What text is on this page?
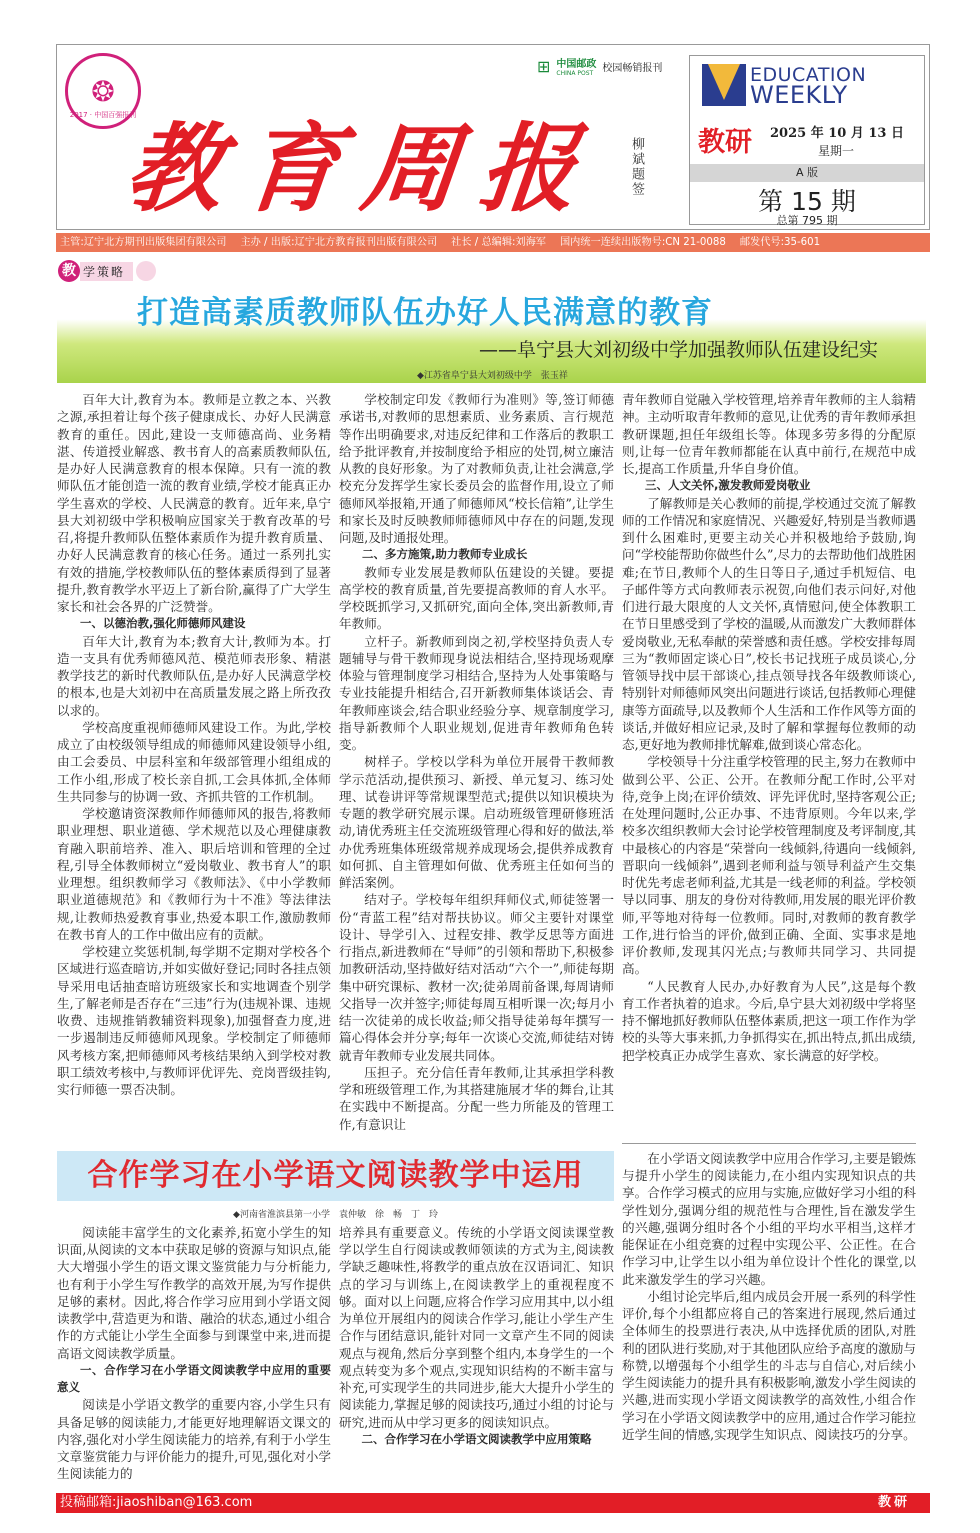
❂
2017 · 中国百强报刊
教育周报 柳斌题签
⊞ 中国邮政
CHINA POST 校园畅销报刊	EDUCATION
WEEKLY
教研 2025 年 10 月 13 日
星期一
A 版
第 15 期
总第 795 期
主管:辽宁北方期刊出版集团有限公司 主办 / 出版:辽宁北方教育报刊出版有限公司 社长 / 总编辑:刘海军 国内统一连续出版物号:CN 21-0088 邮发代号:35-601
教 学策略
打造高素质教师队伍办好人民满意的教育
——阜宁县大刘初级中学加强教师队伍建设纪实
◆江苏省阜宁县大刘初级中学　张玉祥

百年大计,教育为本。教师是立教之本、兴教之源,承担着让每个孩子健康成长、办好人民满意教育的重任。因此,建设一支师德高尚、业务精湛、传道授业解惑、教书育人的高素质教师队伍,是办好人民满意教育的根本保障。只有一流的教师队伍才能创造一流的教育业绩,学校才能真正办学生喜欢的学校、人民满意的教育。近年来,阜宁县大刘初级中学积极响应国家关于教育改革的号召,将提升教师队伍整体素质作为提升教育质量、办好人民满意教育的核心任务。通过一系列扎实有效的措施,学校教师队伍的整体素质得到了显著提升,教育教学水平迈上了新台阶,赢得了广大学生家长和社会各界的广泛赞誉。

一、以德治教,强化师德师风建设

百年大计,教育为本;教育大计,教师为本。打造一支具有优秀师德风范、模范师表形象、精湛教学技艺的新时代教师队伍,是办好人民满意学校的根本,也是大刘初中在高质量发展之路上所孜孜以求的。

学校高度重视师德师风建设工作。为此,学校成立了由校级领导组成的师德师风建设领导小组,由工会委员、中层科室和年级部管理小组组成的工作小组,形成了校长亲自抓,工会具体抓,全体师生共同参与的协调一致、齐抓共管的工作机制。

学校邀请资深教师作师德师风的报告,将教师职业理想、职业道德、学术规范以及心理健康教育融入职前培养、准入、职后培训和管理的全过程,引导全体教师树立“爱岗敬业、教书育人”的职业理想。组织教师学习《教师法》、《中小学教师职业道德规范》和《教师行为十不准》等法律法规,让教师热爱教育事业,热爱本职工作,激励教师在教书育人的工作中做出应有的贡献。

学校建立奖惩机制,每学期不定期对学校各个区域进行巡查暗访,并如实做好登记;同时各挂点领导采用电话抽查暗访班级家长和实地调查个别学生,了解老师是否存在“三违”行为(违规补课、违规收费、违规推销教辅资料现象),加强督查力度,进一步遏制违反师德师风现象。学校制定了师德师风考核方案,把师德师风考核结果纳入到学校对教职工绩效考核中,与教师评优评先、竞岗晋级挂钩,实行师德一票否决制。

学校制定印发《教师行为准则》等,签订师德承诺书,对教师的思想素质、业务素质、言行规范等作出明确要求,对违反纪律和工作落后的教职工给予批评教育,并按制度给予相应的处罚,树立廉洁从教的良好形象。为了对教师负责,让社会满意,学校充分发挥学生家长委员会的监督作用,设立了师德师风举报箱,开通了师德师风“校长信箱”,让学生和家长及时反映教师师德师风中存在的问题,发现问题,及时通报处理。

二、多方施策,助力教师专业成长

教师专业发展是教师队伍建设的关键。要提高学校的教育质量,首先要提高教师的育人水平。学校既抓学习,又抓研究,面向全体,突出新教师,青年教师。

立杆子。新教师到岗之初,学校坚持负责人专题辅导与骨干教师现身说法相结合,坚持现场观摩体验与管理制度学习相结合,坚持为人处事策略与专业技能提升相结合,召开新教师集体谈话会、青年教师座谈会,结合职业经验分享、规章制度学习,指导新教师个人职业规划,促进青年教师角色转变。

树样子。学校以学科为单位开展骨干教师教学示范活动,提供预习、新授、单元复习、练习处理、试卷讲评等常规课型范式;提供以知识模块为专题的教学研究展示课。启动班级管理研修班活动,请优秀班主任交流班级管理心得和好的做法,举办优秀班集体班级常规养成现场会,提供养成教育如何抓、自主管理如何做、优秀班主任如何当的鲜活案例。

结对子。学校每年组织拜师仪式,师徒签署一份“青蓝工程”结对帮扶协议。师父主要针对课堂设计、导学引入、过程安排、教学反思等方面进行指点,新进教师在“导师”的引领和帮助下,积极参加教研活动,坚持做好结对活动“六个一”,师徒每期集中研究课标、教材一次;徒弟周前备课,每周请师父指导一次并签字;师徒每周互相听课一次;每月小结一次徒弟的成长收益;师父指导徒弟每年撰写一篇心得体会并分享;每年一次谈心交流,师徒结对铸就青年教师专业发展共同体。

压担子。充分信任青年教师,让其承担学科教学和班级管理工作,为其搭建施展才华的舞台,让其在实践中不断提高。分配一些力所能及的管理工作,有意识让

青年教师自觉融入学校管理,培养青年教师的主人翁精神。主动听取青年教师的意见,让优秀的青年教师承担教研课题,担任年级组长等。体现多劳多得的分配原则,让每一位青年教师都能在认真中前行,在规范中成长,提高工作质量,升华自身价值。

三、人文关怀,激发教师爱岗敬业

了解教师是关心教师的前提,学校通过交流了解教师的工作情况和家庭情况、兴趣爱好,特别是当教师遇到什么困难时,更要主动关心并积极地给予鼓励,询问“学校能帮助你做些什么”,尽力的去帮助他们战胜困难;在节日,教师个人的生日等日子,通过手机短信、电子邮件等方式向教师表示祝贺,向他们表示问好,对他们进行最大限度的人文关怀,真情慰问,使全体教职工在节日里感受到了学校的温暖,从而激发广大教师群体爱岗敬业,无私奉献的荣誉感和责任感。学校安排每周三为“教师固定谈心日”,校长书记找班子成员谈心,分管领导找中层干部谈心,挂点领导找各年级教师谈心,特别针对师德师风突出问题进行谈话,包括教师心理健康等方面疏导,以及教师个人生活和工作作风等方面的谈话,并做好相应记录,及时了解和掌握每位教师的动态,更好地为教师排忧解难,做到谈心常态化。

学校领导十分注重学校管理的民主,努力在教师中做到公平、公正、公开。在教师分配工作时,公平对待,竞争上岗;在评价绩效、评先评优时,坚持客观公正;在处理问题时,公正办事、不违背原则。今年以来,学校多次组织教师大会讨论学校管理制度及考评制度,其中最核心的内容是“荣誉向一线倾斜,待遇向一线倾斜,晋职向一线倾斜”,遇到老师利益与领导利益产生交集时优先考虑老师利益,尤其是一线老师的利益。学校领导以同事、朋友的身份对待教师,用发展的眼光评价教师,平等地对待每一位教师。同时,对教师的教育教学工作,进行恰当的评价,做到正确、全面、实事求是地评价教师,发现其闪光点;与教师共同学习、共同提高。

“人民教育人民办,办好教育为人民”,这是每个教育工作者执着的追求。今后,阜宁县大刘初级中学将坚持不懈地抓好教师队伍整体素质,把这一项工作作为学校的头等大事来抓,力争抓得实在,抓出特点,抓出成绩,把学校真正办成学生喜欢、家长满意的好学校。

合作学习在小学语文阅读教学中运用
◆河南省淮滨县第一小学　袁仲敏　徐　畅　丁　玲

阅读能丰富学生的文化素养,拓宽小学生的知识面,从阅读的文本中获取足够的资源与知识点,能大大增强小学生的语文课文鉴赏能力与分析能力,也有利于小学生写作教学的高效开展,为写作提供足够的素材。因此,将合作学习应用到小学语文阅读教学中,营造更为和谐、融洽的状态,通过小组合作的方式能让小学生全面参与到课堂中来,进而提高语文阅读教学质量。

一、合作学习在小学语文阅读教学中应用的重要意义

阅读是小学语文教学的重要内容,小学生只有具备足够的阅读能力,才能更好地理解语文课文的内容,强化对小学生阅读能力的培养,有利于小学生文章鉴赏能力与评价能力的提升,可见,强化对小学生阅读能力的

培养具有重要意义。传统的小学语文阅读课堂教学以学生自行阅读或教师领读的方式为主,阅读教学缺乏趣味性,将教学的重点放在汉语词汇、知识点的学习与训练上,在阅读教学上的重视程度不够。面对以上问题,应将合作学习应用其中,以小组为单位开展组内的阅读合作学习,能让小学生产生合作与团结意识,能针对同一文章产生不同的阅读观点与视角,然后分享到整个组内,本身学生的一个观点转变为多个观点,实现知识结构的不断丰富与补充,可实现学生的共同进步,能大大提升小学生的阅读能力,掌握足够的阅读技巧,通过小组的讨论与研究,进而从中学习更多的阅读知识点。

二、合作学习在小学语文阅读教学中应用策略

在小学语文阅读教学中应用合作学习,主要是锻炼与提升小学生的阅读能力,在小组内实现知识点的共享。合作学习模式的应用与实施,应做好学习小组的科学性划分,强调分组的规范性与合理性,旨在激发学生的兴趣,强调分组时各个小组的平均水平相当,这样才能保证在小组竞赛的过程中实现公平、公正性。在合作学习中,让学生以小组为单位设计个性化的课堂,以此来激发学生的学习兴趣。

小组讨论完毕后,组内成员会开展一系列的科学性评价,每个小组都应将自己的答案进行展现,然后通过全体师生的投票进行表决,从中选择优质的团队,对胜利的团队进行奖励,对于其他团队应给予高度的激励与称赞,以增强每个小组学生的斗志与自信心,对后续小学生阅读能力的提升具有积极影响,激发小学生阅读的兴趣,进而实现小学语文阅读教学的高效性,小组合作学习在小学语文阅读教学中的应用,通过合作学习能拉近学生间的情感,实现学生知识点、阅读技巧的分享。

投稿邮箱:jiaoshiban@163.com	教研
